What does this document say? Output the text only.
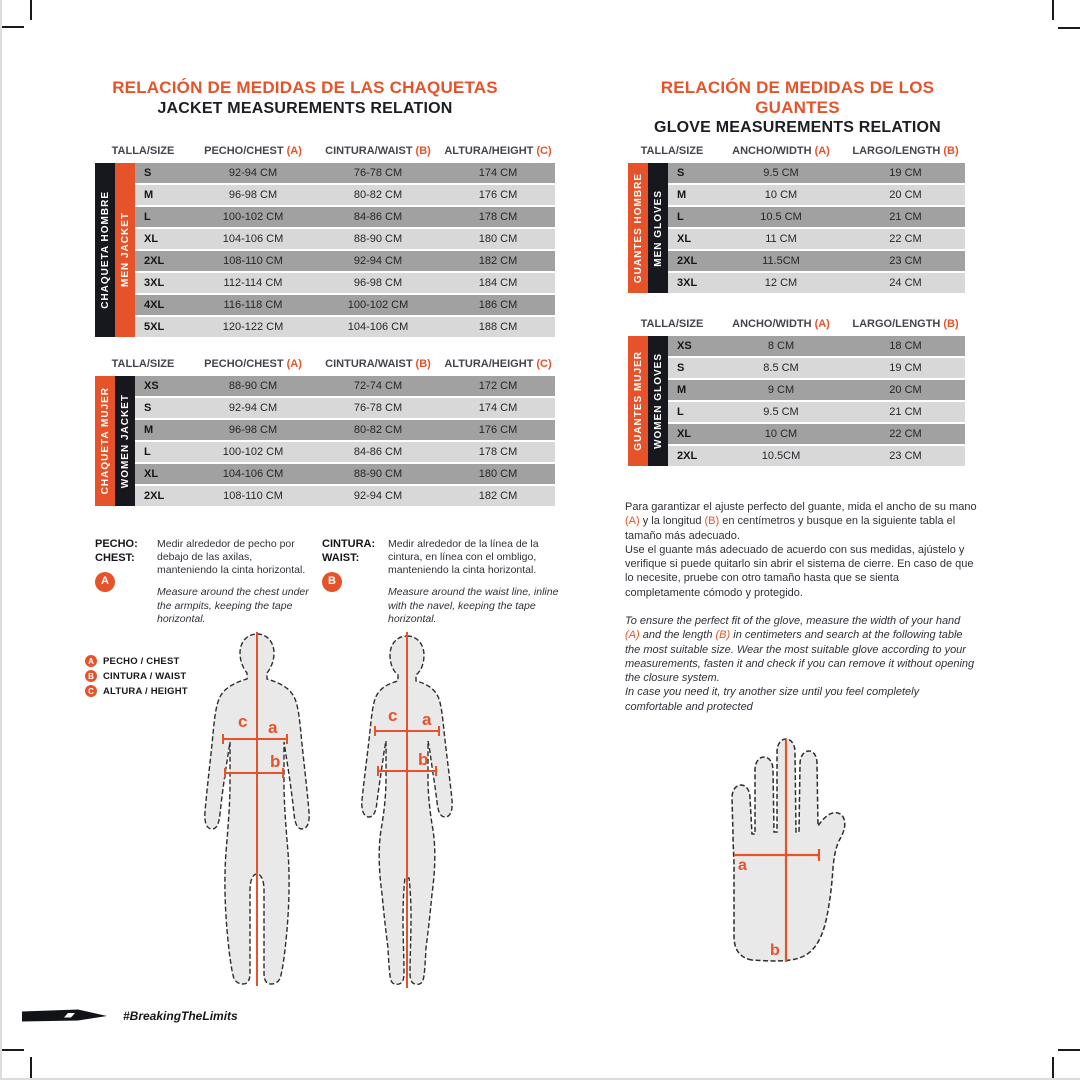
RELACIÓN DE MEDIDAS DE LAS CHAQUETAS
JACKET MEASUREMENTS RELATION
TALLA/SIZE	PECHO/CHEST (A) CINTURA/WAIST (B) ALTURA/HEIGHT (C)
CHAQUETA HOMBRE MEN JACKET
S	92-94 CM	76-78 CM	174 CM
M	96-98 CM	80-82 CM	176 CM
L	100-102 CM	84-86 CM	178 CM
XL	104-106 CM	88-90 CM	180 CM
2XL	108-110 CM	92-94 CM	182 CM
3XL	112-114 CM	96-98 CM	184 CM
4XL	116-118 CM	100-102 CM	186 CM
5XL	120-122 CM	104-106 CM	188 CM
TALLA/SIZE	PECHO/CHEST (A) CINTURA/WAIST (B) ALTURA/HEIGHT (C)
CHAQUETA MUJER WOMEN JACKET
XS	88-90 CM	72-74 CM	172 CM
S	92-94 CM	76-78 CM	174 CM
M	96-98 CM	80-82 CM	176 CM
L	100-102 CM	84-86 CM	178 CM
XL	104-106 CM	88-90 CM	180 CM
2XL	108-110 CM	92-94 CM	182 CM
PECHO:
CHEST:
A
Medir alrededor de pecho por debajo de las axilas, manteniendo la cinta horizontal.
Measure around the chest under the armpits, keeping the tape horizontal.
CINTURA:
WAIST:
B
Medir alrededor de la línea de la cintura, en línea con el ombligo, manteniendo la cinta horizontal.
Measure around the waist line, inline with the navel, keeping the tape horizontal.
A PECHO / CHEST
B CINTURA / WAIST
C ALTURA / HEIGHT
c a
b
c a
b
RELACIÓN DE MEDIDAS DE LOS GUANTES
GLOVE MEASUREMENTS RELATION
TALLA/SIZE	ANCHO/WIDTH (A) LARGO/LENGTH (B)
GUANTES HOMBRE MEN GLOVES
S	9.5 CM	19 CM
M	10 CM	20 CM
L	10.5 CM	21 CM
XL	11 CM	22 CM
2XL	11.5CM	23 CM
3XL	12 CM	24 CM
TALLA/SIZE	ANCHO/WIDTH (A) LARGO/LENGTH (B)
GUANTES MUJER WOMEN GLOVES
XS	8 CM	18 CM
S	8.5 CM	19 CM
M	9 CM	20 CM
L	9.5 CM	21 CM
XL	10 CM	22 CM
2XL	10.5CM	23 CM
Para garantizar el ajuste perfecto del guante, mida el ancho de su mano (A) y la longitud (B) en centímetros y busque en la siguiente tabla el tamaño más adecuado.
Use el guante más adecuado de acuerdo con sus medidas, ajústelo y verifique si puede quitarlo sin abrir el sistema de cierre. En caso de que lo necesite, pruebe con otro tamaño hasta que se sienta completamente cómodo y protegido.
To ensure the perfect fit of the glove, measure the width of your hand (A) and the length (B) in centimeters and search at the following table the most suitable size. Wear the most suitable glove according to your measurements, fasten it and check if you can remove it without opening the closure system.
In case you need it, try another size until you feel completely comfortable and protected
a
b
#BreakingTheLimits
